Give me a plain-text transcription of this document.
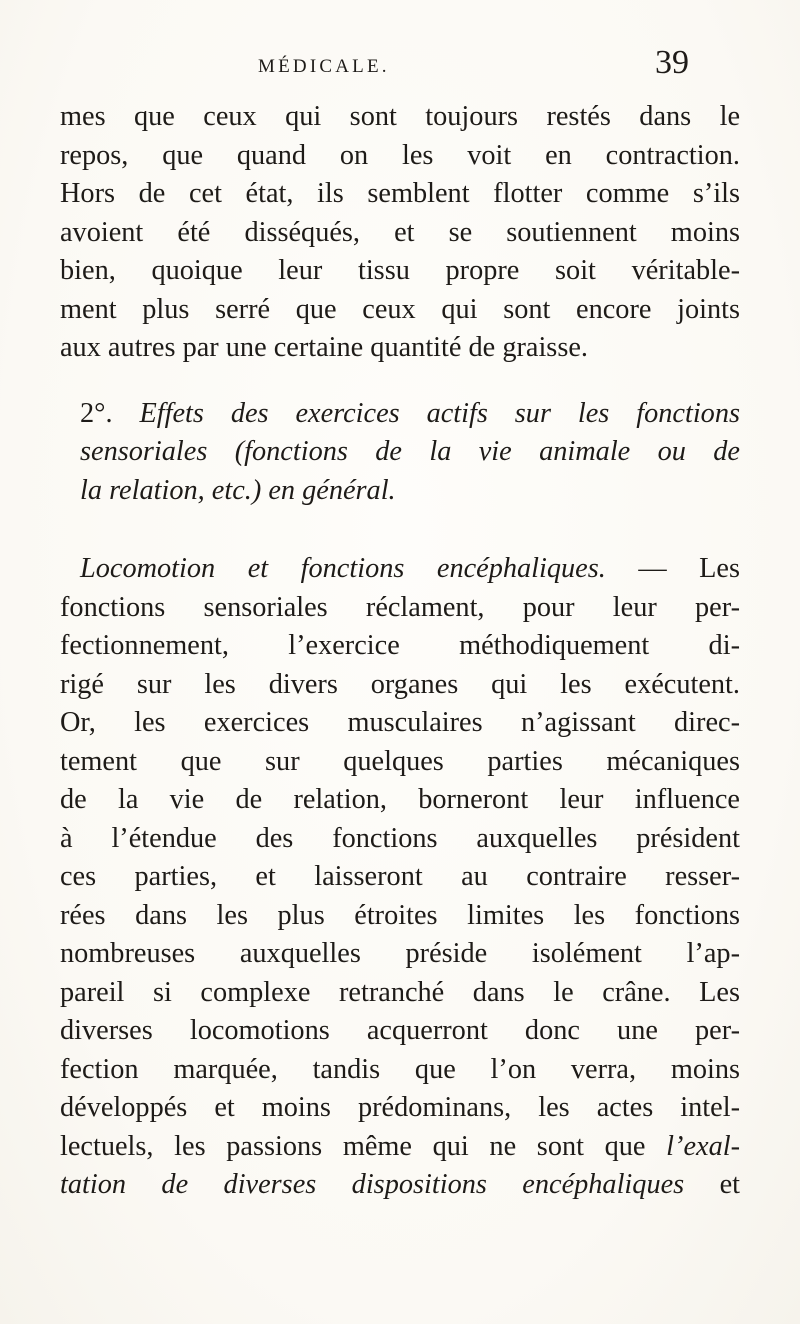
MÉDICALE.	39
mes que ceux qui sont toujours restés dans le
repos, que quand on les voit en contraction.
Hors de cet état, ils semblent flotter comme s’ils
avoient été disséqués, et se soutiennent moins
bien, quoique leur tissu propre soit véritable-
ment plus serré que ceux qui sont encore joints
aux autres par une certaine quantité de graisse.
2°. Effets des exercices actifs sur les fonctions
sensoriales (fonctions de la vie animale ou de
la relation, etc.) en général.
Locomotion et fonctions encéphaliques. — Les
fonctions sensoriales réclament, pour leur per-
fectionnement, l’exercice méthodiquement di-
rigé sur les divers organes qui les exécutent.
Or, les exercices musculaires n’agissant direc-
tement que sur quelques parties mécaniques
de la vie de relation, borneront leur influence
à l’étendue des fonctions auxquelles président
ces parties, et laisseront au contraire resser-
rées dans les plus étroites limites les fonctions
nombreuses auxquelles préside isolément l’ap-
pareil si complexe retranché dans le crâne. Les
diverses locomotions acquerront donc une per-
fection marquée, tandis que l’on verra, moins
développés et moins prédominans, les actes intel-
lectuels, les passions même qui ne sont que l’exal-
tation de diverses dispositions encéphaliques et
